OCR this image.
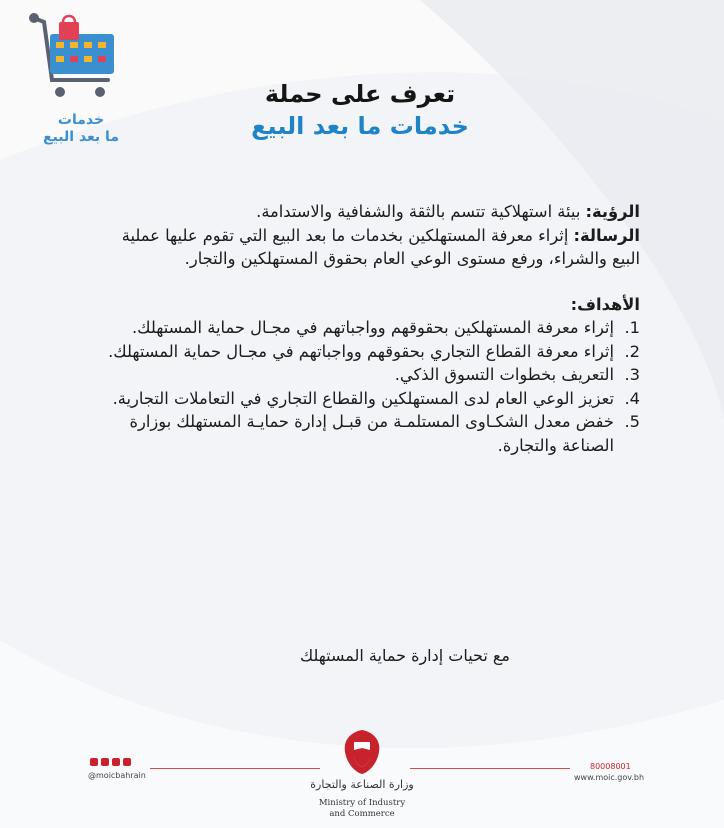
خدمات
ما بعد البيع
تعرف على حملة
خدمات ما بعد البيع

الرؤية: بيئة استهلاكية تتسم بالثقة والشفافية والاستدامة.

الرسالة: إثراء معرفة المستهلكين بخدمات ما بعد البيع التي تقوم عليها عملية البيع والشراء، ورفع مستوى الوعي العام بحقوق المستهلكين والتجار.

الأهداف:

1.
إثراء معرفة المستهلكين بحقوقهم وواجباتهم في مجـال حماية المستهلك.
2.
إثراء معرفة القطاع التجاري بحقوقهم وواجباتهم في مجـال حماية المستهلك.
3.
التعريف بخطوات التسوق الذكي.
4.
تعزيز الوعي العام لدى المستهلكين والقطاع التجاري في التعاملات التجارية.
5.
خفض معدل الشكـاوى المستلمـة من قبـل إدارة حمايـة المستهلك بوزارة الصناعة والتجارة.
مع تحيات إدارة حماية المستهلك
@moicbahrain
وزارة الصناعة والتجارة
Ministry of Industry
and Commerce
80008001
www.moic.gov.bh
